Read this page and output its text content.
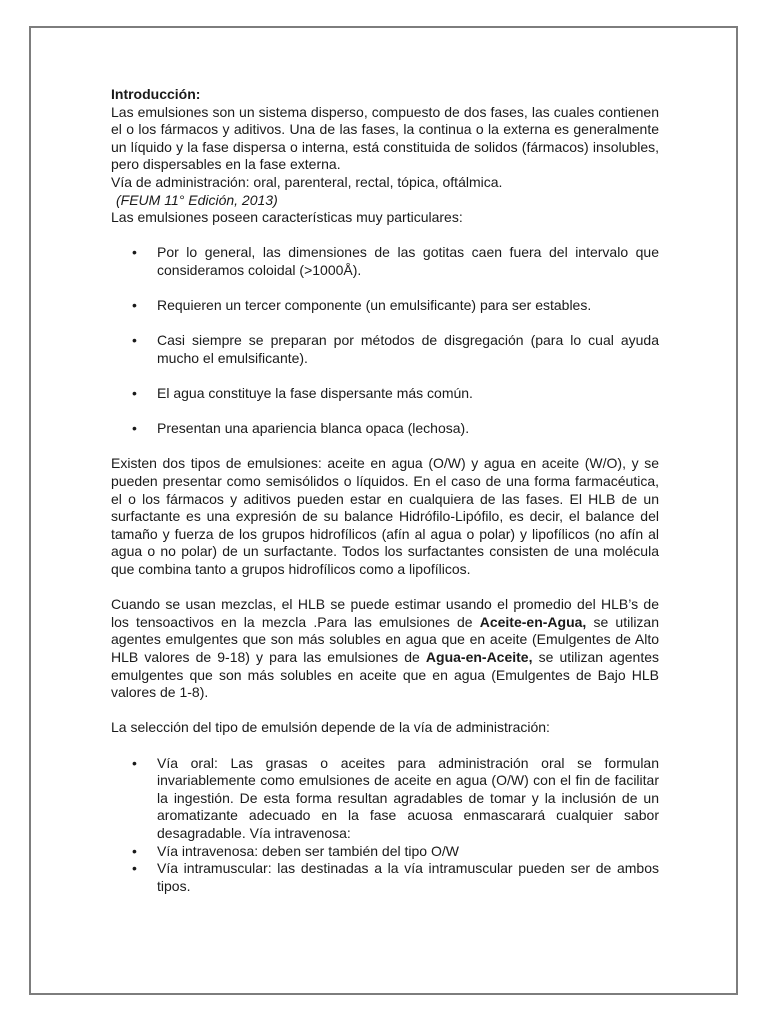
Introducción:

Las emulsiones son un sistema disperso, compuesto de dos fases, las cuales contienen el o los fármacos y aditivos. Una de las fases, la continua o la externa es generalmente un líquido y la fase dispersa o interna, está constituida de solidos (fármacos) insolubles, pero dispersables en la fase externa.

Vía de administración: oral, parenteral, rectal, tópica, oftálmica.

(FEUM 11° Edición, 2013)

Las emulsiones poseen características muy particulares:

• Por lo general, las dimensiones de las gotitas caen fuera del intervalo que consideramos coloidal (>1000Å).
• Requieren un tercer componente (un emulsificante) para ser estables.
• Casi siempre se preparan por métodos de disgregación (para lo cual ayuda mucho el emulsificante).
• El agua constituye la fase dispersante más común.
• Presentan una apariencia blanca opaca (lechosa).

Existen dos tipos de emulsiones: aceite en agua (O/W) y agua en aceite (W/O), y se pueden presentar como semisólidos o líquidos. En el caso de una forma farmacéutica, el o los fármacos y aditivos pueden estar en cualquiera de las fases. El HLB de un surfactante es una expresión de su balance Hidrófilo-Lipófilo, es decir, el balance del tamaño y fuerza de los grupos hidrofílicos (afín al agua o polar) y lipofílicos (no afín al agua o no polar) de un surfactante. Todos los surfactantes consisten de una molécula que combina tanto a grupos hidrofílicos como a lipofílicos.

Cuando se usan mezclas, el HLB se puede estimar usando el promedio del HLB’s de los tensoactivos en la mezcla .Para las emulsiones de Aceite-en-Agua, se utilizan agentes emulgentes que son más solubles en agua que en aceite (Emulgentes de Alto HLB valores de 9-18) y para las emulsiones de Agua-en-Aceite, se utilizan agentes emulgentes que son más solubles en aceite que en agua (Emulgentes de Bajo HLB valores de 1-8).

La selección del tipo de emulsión depende de la vía de administración:

• Vía oral: Las grasas o aceites para administración oral se formulan invariablemente como emulsiones de aceite en agua (O/W) con el fin de facilitar la ingestión. De esta forma resultan agradables de tomar y la inclusión de un aromatizante adecuado en la fase acuosa enmascarará cualquier sabor desagradable. Vía intravenosa:
• Vía intravenosa: deben ser también del tipo O/W
• Vía intramuscular: las destinadas a la vía intramuscular pueden ser de ambos tipos.
